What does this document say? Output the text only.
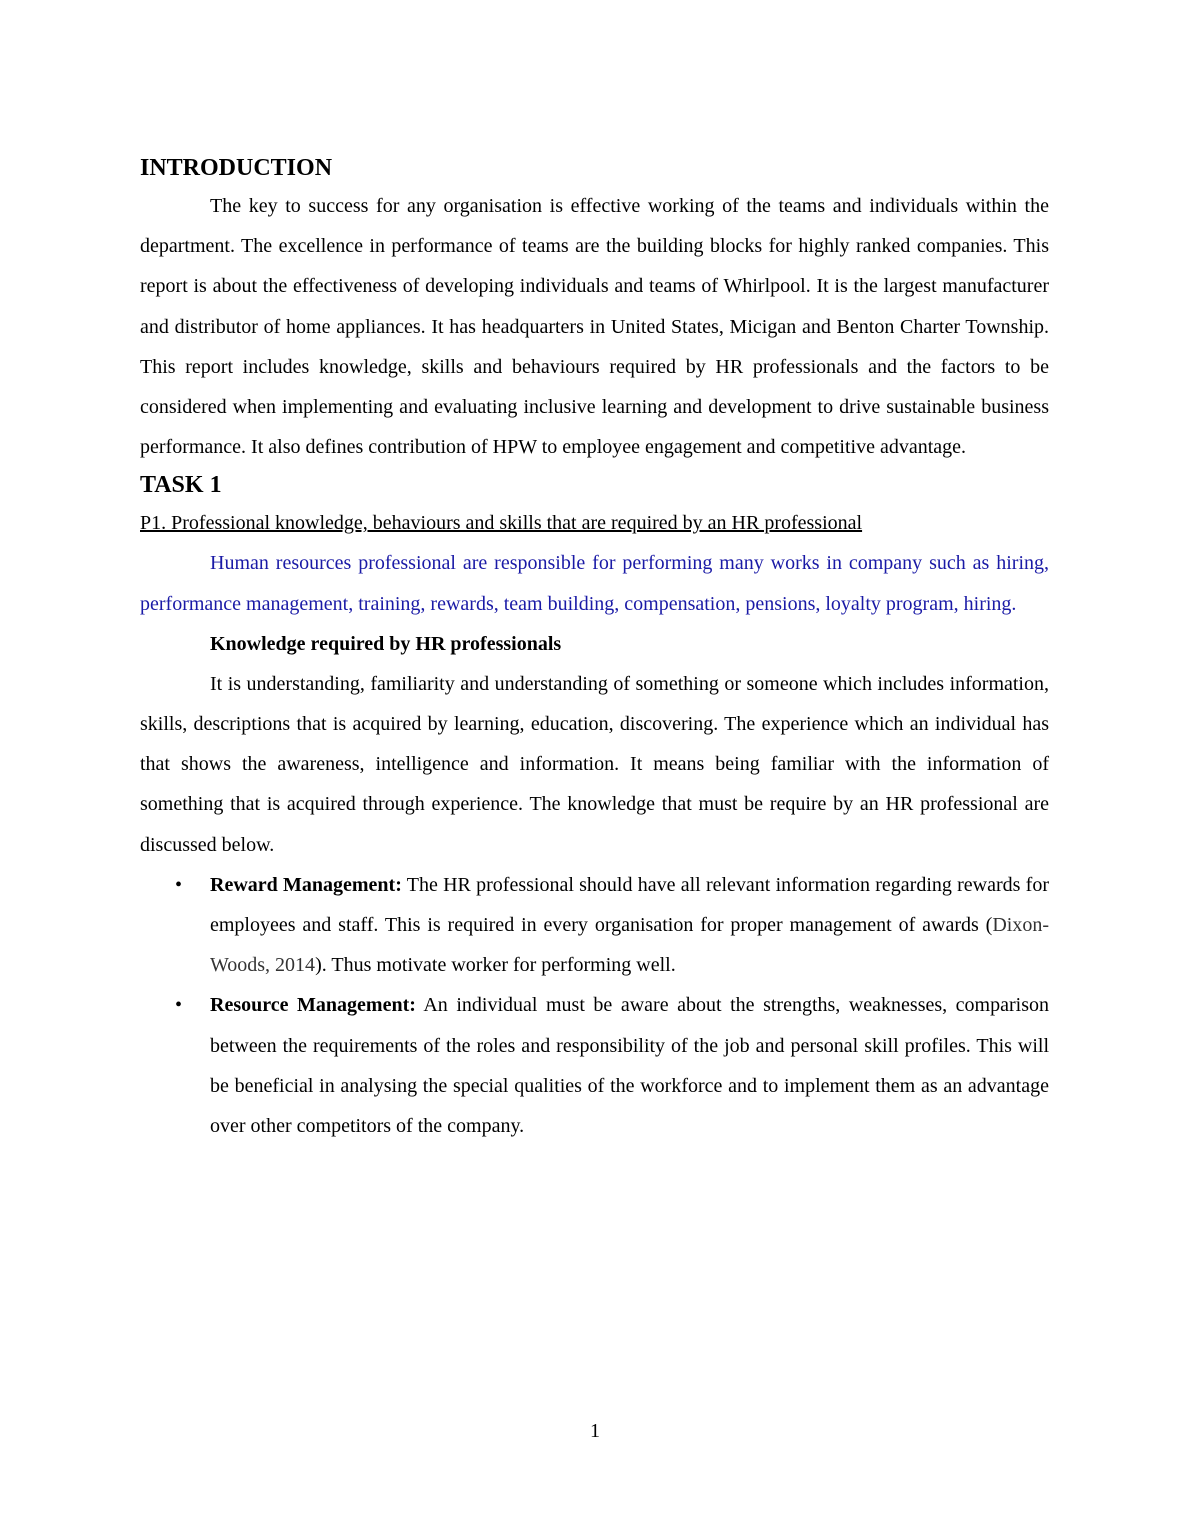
INTRODUCTION

The key to success for any organisation is effective working of the teams and individuals within the department. The excellence in performance of teams are the building blocks for highly ranked companies. This report is about the effectiveness of developing individuals and teams of Whirlpool. It is the largest manufacturer and distributor of home appliances. It has headquarters in United States, Micigan and Benton Charter Township. This report includes knowledge, skills and behaviours required by HR professionals and the factors to be considered when implementing and evaluating inclusive learning and development to drive sustainable business performance. It also defines contribution of HPW to employee engagement and competitive advantage.

TASK 1

P1. Professional knowledge, behaviours and skills that are required by an HR professional

Human resources professional are responsible for performing many works in company such as hiring, performance management, training, rewards, team building, compensation, pensions, loyalty program, hiring.

Knowledge required by HR professionals

It is understanding, familiarity and understanding of something or someone which includes information, skills, descriptions that is acquired by learning, education, discovering. The experience which an individual has that shows the awareness, intelligence and information. It means being familiar with the information of something that is acquired through experience. The knowledge that must be require by an HR professional are discussed below.

• Reward Management: The HR professional should have all relevant information regarding rewards for employees and staff. This is required in every organisation for proper management of awards (Dixon-Woods, 2014). Thus motivate worker for performing well.
• Resource Management: An individual must be aware about the strengths, weaknesses, comparison between the requirements of the roles and responsibility of the job and personal skill profiles. This will be beneficial in analysing the special qualities of the workforce and to implement them as an advantage over other competitors of the company.
1
